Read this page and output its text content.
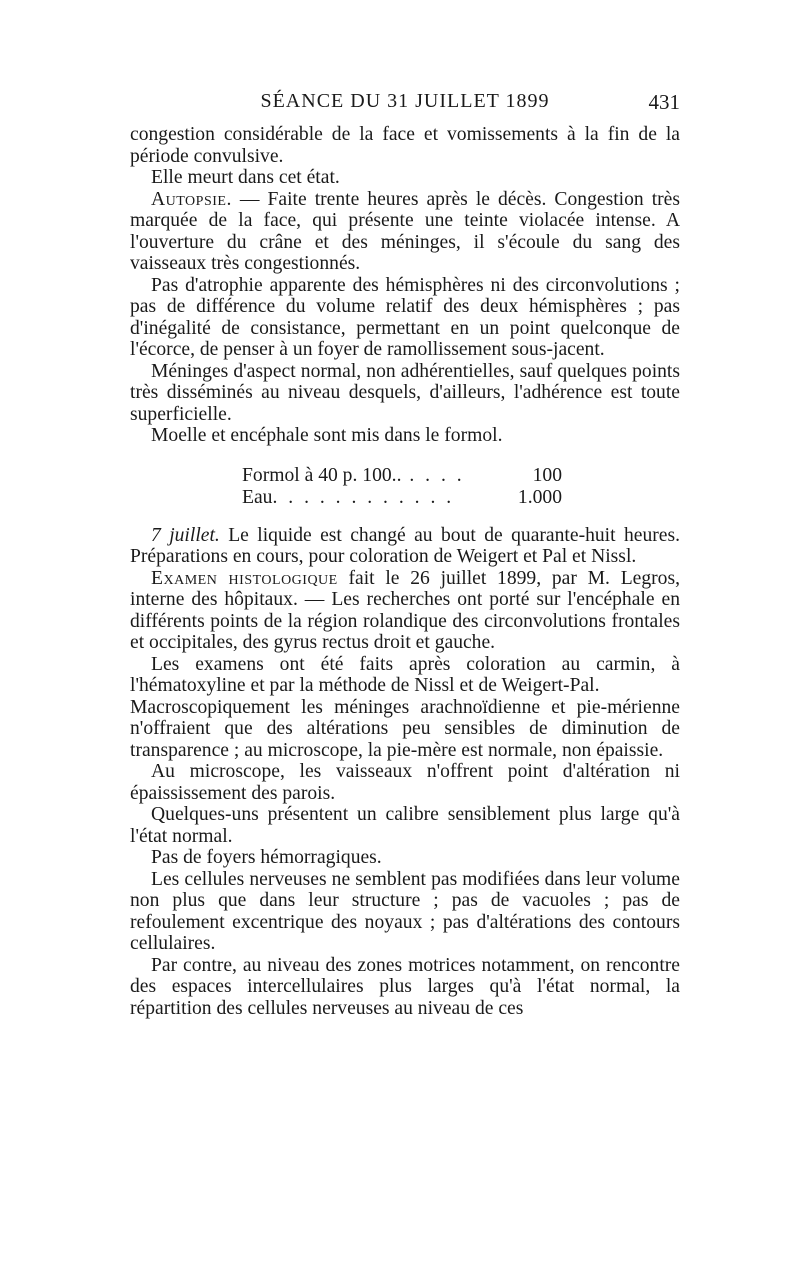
SÉANCE DU 31 JUILLET 1899	431

congestion considérable de la face et vomissements à la fin de la période convulsive.

Elle meurt dans cet état.

Autopsie. — Faite trente heures après le décès. Congestion très marquée de la face, qui présente une teinte violacée intense. A l'ouverture du crâne et des méninges, il s'écoule du sang des vaisseaux très congestionnés.

Pas d'atrophie apparente des hémisphères ni des circonvolutions ; pas de différence du volume relatif des deux hémisphères ; pas d'inégalité de consistance, permettant en un point quelconque de l'écorce, de penser à un foyer de ramollissement sous-jacent.

Méninges d'aspect normal, non adhérentielles, sauf quelques points très disséminés au niveau desquels, d'ailleurs, l'adhérence est toute superficielle.

Moelle et encéphale sont mis dans le formol.

Formol à 40 p. 100.. . . . .	100
Eau. . . . . . . . . . . .	1.000

7 juillet. Le liquide est changé au bout de quarante-huit heures. Préparations en cours, pour coloration de Weigert et Pal et Nissl.

Examen histologique fait le 26 juillet 1899, par M. Legros, interne des hôpitaux. — Les recherches ont porté sur l'encéphale en différents points de la région rolandique des circonvolutions frontales et occipitales, des gyrus rectus droit et gauche.

Les examens ont été faits après coloration au carmin, à l'hématoxyline et par la méthode de Nissl et de Weigert-Pal.

Macroscopiquement les méninges arachnoïdienne et pie-mérienne n'offraient que des altérations peu sensibles de diminution de transparence ; au microscope, la pie-mère est normale, non épaissie.

Au microscope, les vaisseaux n'offrent point d'altération ni épaississement des parois.

Quelques-uns présentent un calibre sensiblement plus large qu'à l'état normal.

Pas de foyers hémorragiques.

Les cellules nerveuses ne semblent pas modifiées dans leur volume non plus que dans leur structure ; pas de vacuoles ; pas de refoulement excentrique des noyaux ; pas d'altérations des contours cellulaires.

Par contre, au niveau des zones motrices notamment, on rencontre des espaces intercellulaires plus larges qu'à l'état normal, la répartition des cellules nerveuses au niveau de ces
